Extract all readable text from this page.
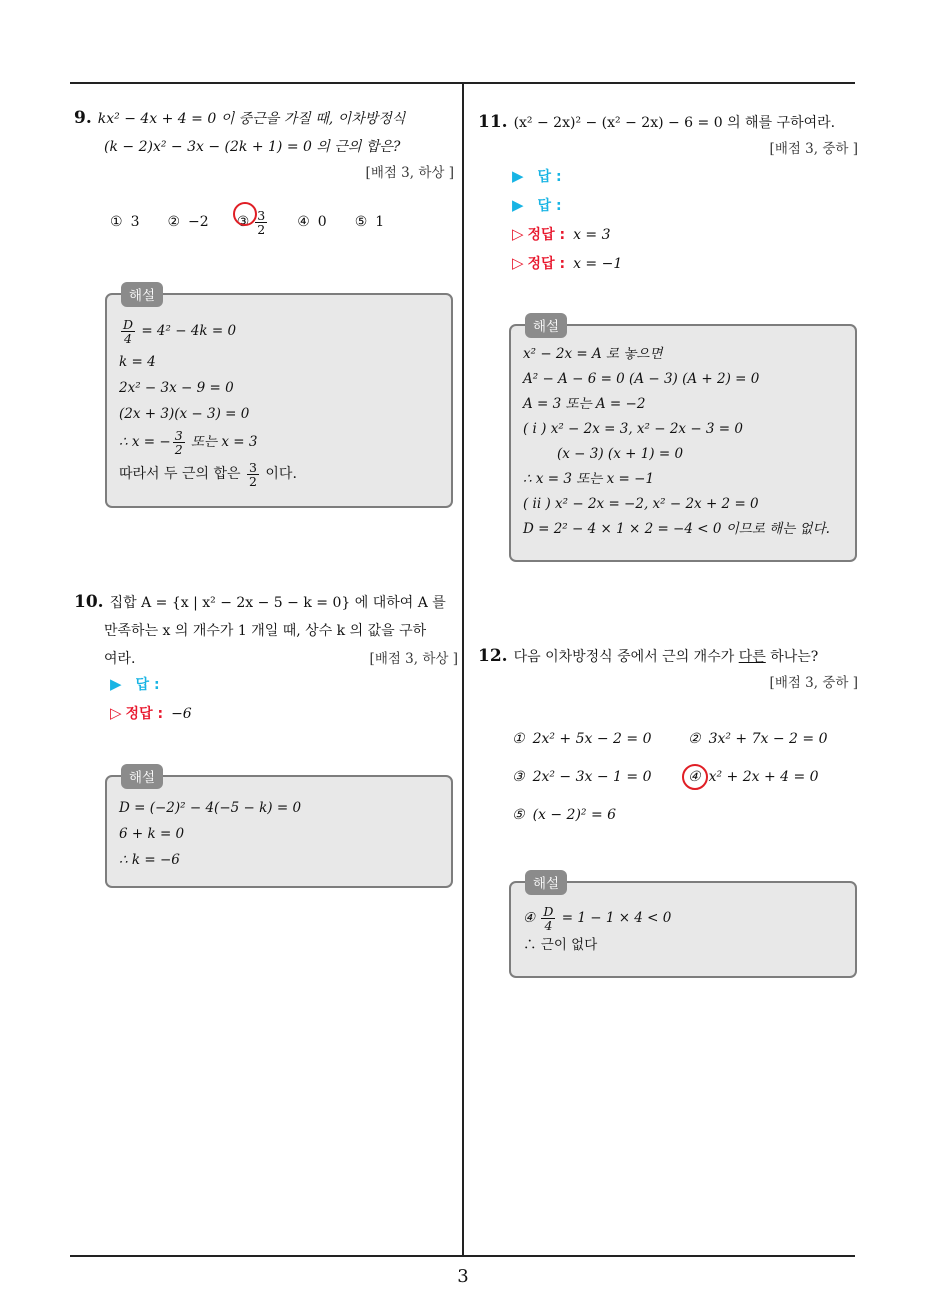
3
9. kx² − 4x + 4 = 0 이 중근을 가질 때, 이차방정식
(k − 2)x² − 3x − (2k + 1) = 0 의 근의 합은?
[배점 3, 하상 ]
① 3 ② −2 ③ $\frac{3}{2}$ ④ 0 ⑤ 1
해설
$\frac{D}{4} = 4^2 - 4k = 0$
k = 4
2x² − 3x − 9 = 0
(2x + 3)(x − 3) = 0
∴ x = − $\frac{3}{2}$ 또는 x = 3
따라서 두 근의 합은 $\frac{3}{2}$ 이다.
10. 집합 A = {x | x² − 2x − 5 − k = 0} 에 대하여 A 를
만족하는 x 의 개수가 1 개일 때, 상수 k 의 값을 구하
여라.	[배점 3, 하상 ]
▶ 답 :
▷ 정답 : −6
해설
D = (−2)² − 4(−5 − k) = 0
6 + k = 0
∴ k = −6
11. (x² − 2x)² − (x² − 2x) − 6 = 0 의 해를 구하여라.
[배점 3, 중하 ]
▶ 답 :
▶ 답 :
▷ 정답 : x = 3
▷ 정답 : x = −1
해설
x² − 2x = A 로 놓으면
A² − A − 6 = 0 (A − 3) (A + 2) = 0
A = 3 또는 A = −2
( i ) x² − 2x = 3, x² − 2x − 3 = 0
(x − 3) (x + 1) = 0
∴ x = 3 또는 x = −1
( ii ) x² − 2x = −2, x² − 2x + 2 = 0
D = 2² − 4 × 1 × 2 = −4 < 0 이므로 해는 없다.
12. 다음 이차방정식 중에서 근의 개수가 다른 하나는?
[배점 3, 중하 ]
① 2x² + 5x − 2 = 0	② 3x² + 7x − 2 = 0
③ 2x² − 3x − 1 = 0	④ x² + 2x + 4 = 0
⑤ (x − 2)² = 6
해설
④ $\frac{D}{4} = 1 - 1 \times 4 < 0$
∴ 근이 없다
